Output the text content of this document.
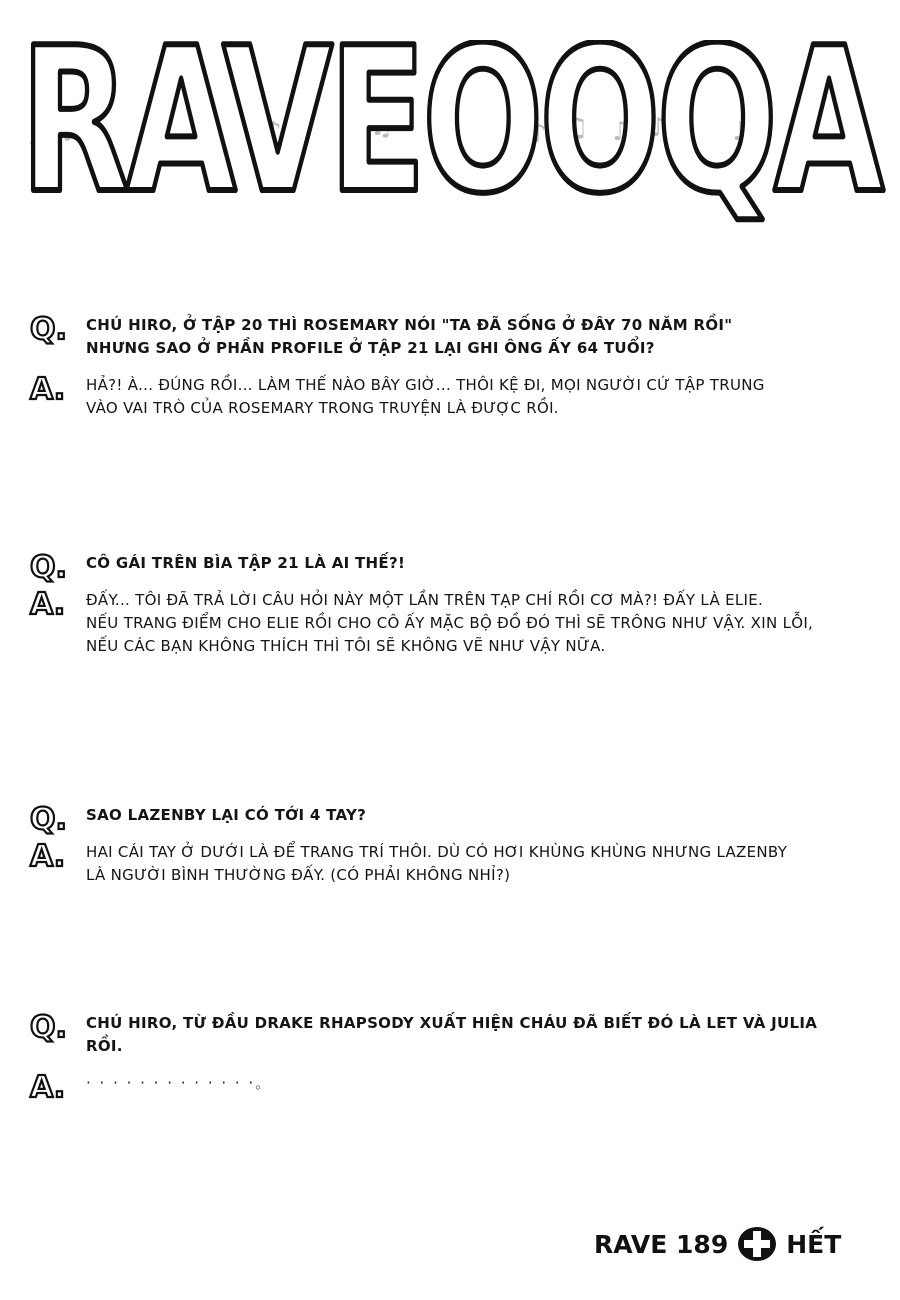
♪ ♫ ♫ ♫ ♪ ♫ ♫ ♫	♪ ♫ ♫ ♪ ♫ ♫ ♪
RAVEOOQA
Q. CHÚ HIRO, Ở TẬP 20 THÌ ROSEMARY NÓI "TA ĐÃ SỐNG Ở ĐÂY 70 NĂM RỒI"
NHƯNG SAO Ở PHẦN PROFILE Ở TẬP 21 LẠI GHI ÔNG ẤY 64 TUỔI?
A. HẢ?! À... ĐÚNG RỒI... LÀM THẾ NÀO BÂY GIỜ... THÔI KỆ ĐI, MỌI NGƯỜI CỨ TẬP TRUNG
VÀO VAI TRÒ CỦA ROSEMARY TRONG TRUYỆN LÀ ĐƯỢC RỒI.
Q. CÔ GÁI TRÊN BÌA TẬP 21 LÀ AI THẾ?!
A. ĐẤY... TÔI ĐÃ TRẢ LỜI CÂU HỎI NÀY MỘT LẦN TRÊN TẠP CHÍ RỒI CƠ MÀ?! ĐẤY LÀ ELIE.
NẾU TRANG ĐIỂM CHO ELIE RỒI CHO CÔ ẤY MẶC BỘ ĐỒ ĐÓ THÌ SẼ TRÔNG NHƯ VẬY. XIN LỖI,
NẾU CÁC BẠN KHÔNG THÍCH THÌ TÔI SẼ KHÔNG VẼ NHƯ VẬY NỮA.
Q. SAO LAZENBY LẠI CÓ TỚI 4 TAY?
A. HAI CÁI TAY Ở DƯỚI LÀ ĐỂ TRANG TRÍ THÔI. DÙ CÓ HƠI KHÙNG KHÙNG NHƯNG LAZENBY
LÀ NGƯỜI BÌNH THƯỜNG ĐẤY. (CÓ PHẢI KHÔNG NHỈ?)
Q. CHÚ HIRO, TỪ ĐẦU DRAKE RHAPSODY XUẤT HIỆN CHÁU ĐÃ BIẾT ĐÓ LÀ LET VÀ JULIA RỒI.
A. · · · · · · · · · · · · ·。
RAVE 189 HẾT
